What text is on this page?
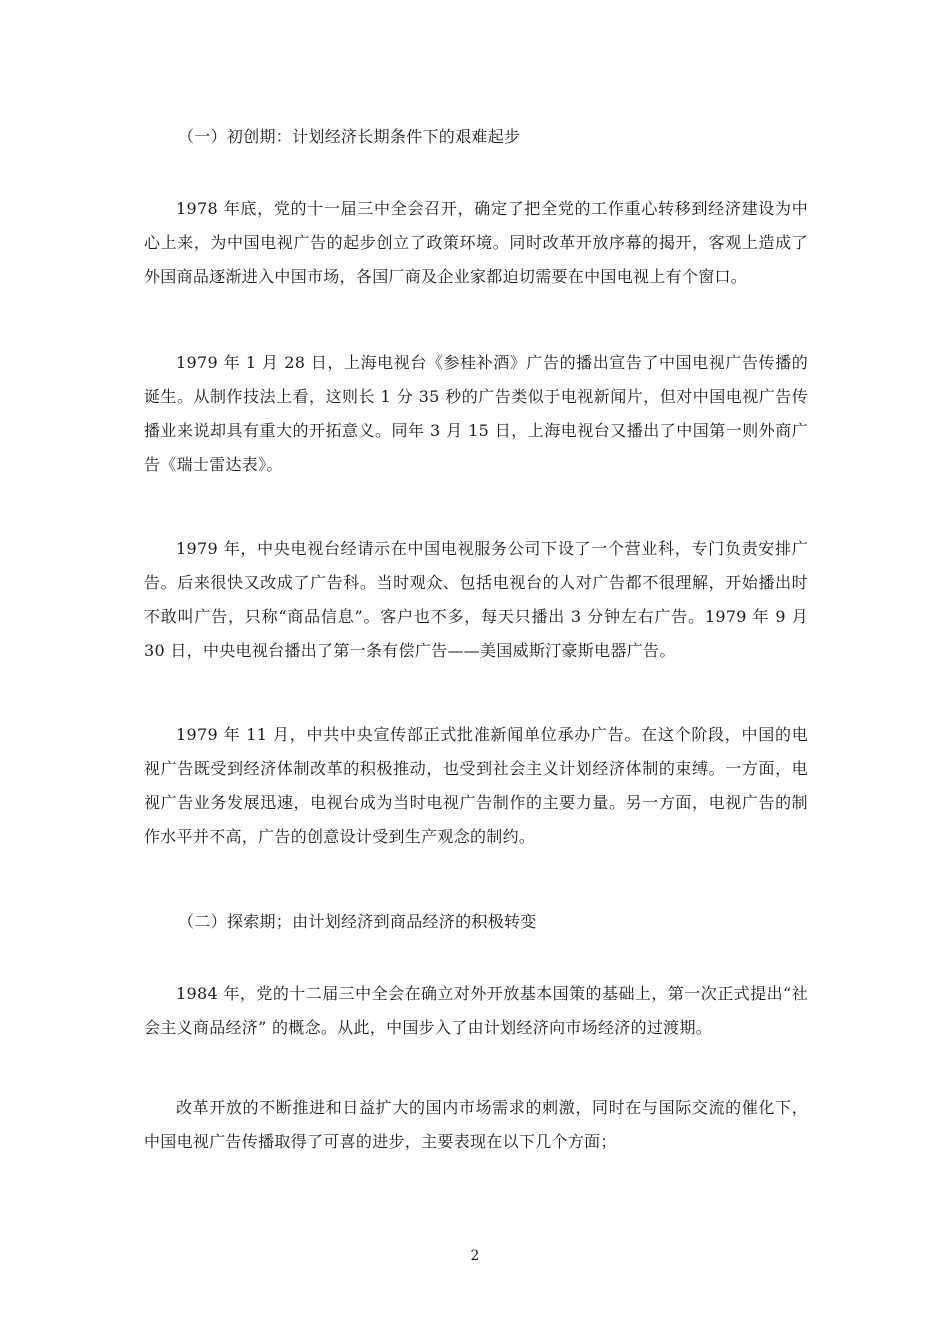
（一）初创期：计划经济长期条件下的艰难起步

1978 年底，党的十一届三中全会召开，确定了把全党的工作重心转移到经济建设为中心上来，为中国电视广告的起步创立了政策环境。同时改革开放序幕的揭开，客观上造成了外国商品逐渐进入中国市场，各国厂商及企业家都迫切需要在中国电视上有个窗口。

1979 年 1 月 28 日，上海电视台《参桂补酒》广告的播出宣告了中国电视广告传播的诞生。从制作技法上看，这则长 1 分 35 秒的广告类似于电视新闻片，但对中国电视广告传播业来说却具有重大的开拓意义。同年 3 月 15 日，上海电视台又播出了中国第一则外商广告《瑞士雷达表》。

1979 年，中央电视台经请示在中国电视服务公司下设了一个营业科，专门负责安排广告。后来很快又改成了广告科。当时观众、包括电视台的人对广告都不很理解，开始播出时不敢叫广告，只称“商品信息”。客户也不多，每天只播出 3 分钟左右广告。1979 年 9 月 30 日，中央电视台播出了第一条有偿广告——美国威斯汀豪斯电器广告。

1979 年 11 月，中共中央宣传部正式批准新闻单位承办广告。在这个阶段，中国的电视广告既受到经济体制改革的积极推动，也受到社会主义计划经济体制的束缚。一方面，电视广告业务发展迅速，电视台成为当时电视广告制作的主要力量。另一方面，电视广告的制作水平并不高，广告的创意设计受到生产观念的制约。

（二）探索期；由计划经济到商品经济的积极转变

1984 年，党的十二届三中全会在确立对外开放基本国策的基础上，第一次正式提出“社会主义商品经济” 的概念。从此，中国步入了由计划经济向市场经济的过渡期。

改革开放的不断推进和日益扩大的国内市场需求的刺激，同时在与国际交流的催化下，中国电视广告传播取得了可喜的进步，主要表现在以下几个方面；

2
